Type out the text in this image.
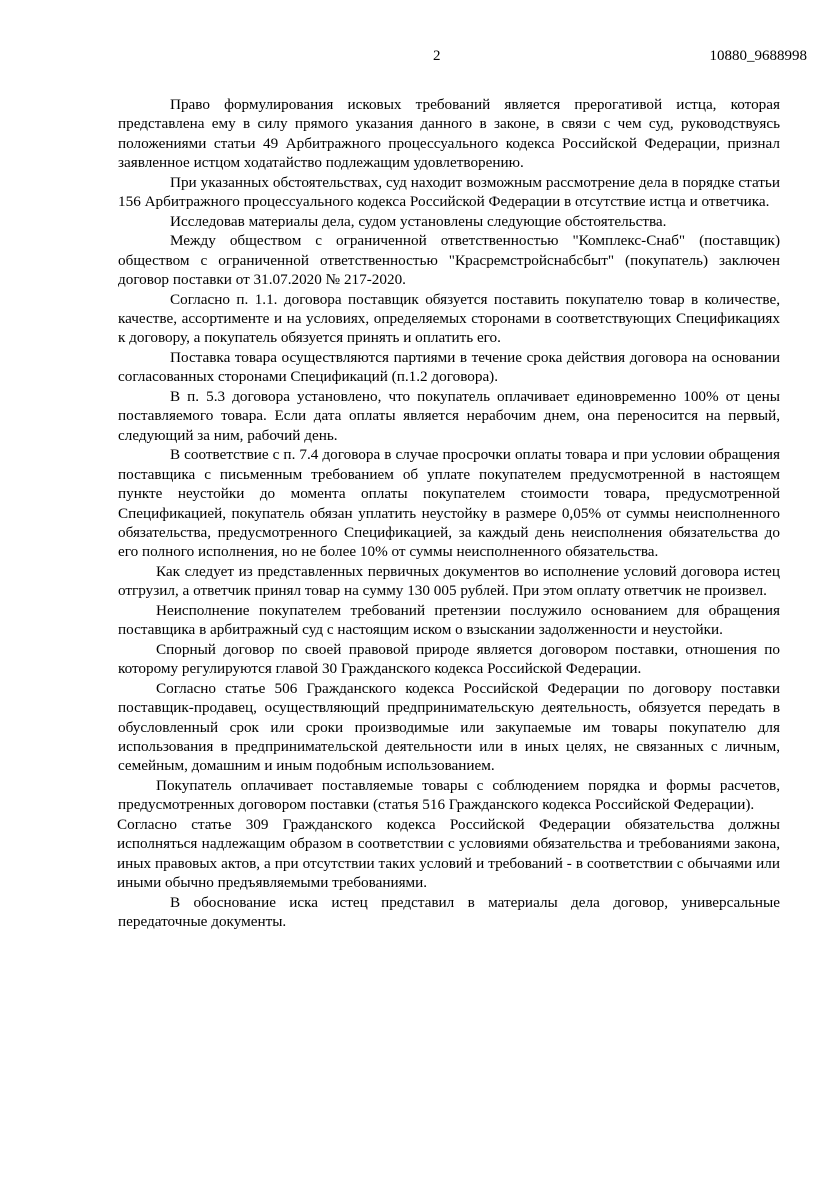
2	10880_9688998

Право формулирования исковых требований является прерогативой истца, которая представлена ему в силу прямого указания данного в законе, в связи с чем суд, руководствуясь положениями статьи 49 Арбитражного процессуального кодекса Российской Федерации, признал заявленное истцом ходатайство подлежащим удовлетворению.

При указанных обстоятельствах, суд находит возможным рассмотрение дела в порядке статьи 156 Арбитражного процессуального кодекса Российской Федерации в отсутствие истца и ответчика.

Исследовав материалы дела, судом установлены следующие обстоятельства.

Между обществом с ограниченной ответственностью "Комплекс-Снаб" (поставщик) обществом с ограниченной ответственностью "Красремстройснабсбыт" (покупатель) заключен договор поставки от 31.07.2020 № 217-2020.

Согласно п. 1.1. договора поставщик обязуется поставить покупателю товар в количестве, качестве, ассортименте и на условиях, определяемых сторонами в соответствующих Спецификациях к договору, а покупатель обязуется принять и оплатить его.

Поставка товара осуществляются партиями в течение срока действия договора на основании согласованных сторонами Спецификаций (п.1.2 договора).

В п. 5.3 договора установлено, что покупатель оплачивает единовременно 100% от цены поставляемого товара. Если дата оплаты является нерабочим днем, она переносится на первый, следующий за ним, рабочий день.

В соответствие с п. 7.4 договора в случае просрочки оплаты товара и при условии обращения поставщика с письменным требованием об уплате покупателем предусмотренной в настоящем пункте неустойки до момента оплаты покупателем стоимости товара, предусмотренной Спецификацией, покупатель обязан уплатить неустойку в размере 0,05% от суммы неисполненного обязательства, предусмотренного Спецификацией, за каждый день неисполнения обязательства до его полного исполнения, но не более 10% от суммы неисполненного обязательства.

Как следует из представленных первичных документов во исполнение условий договора истец отгрузил, а ответчик принял товар на сумму 130 005 рублей. При этом оплату ответчик не произвел.

Неисполнение покупателем требований претензии послужило основанием для обращения поставщика в арбитражный суд с настоящим иском о взыскании задолженности и неустойки.

Спорный договор по своей правовой природе является договором поставки, отношения по которому регулируются главой 30 Гражданского кодекса Российской Федерации.

Согласно статье 506 Гражданского кодекса Российской Федерации по договору поставки поставщик-продавец, осуществляющий предпринимательскую деятельность, обязуется передать в обусловленный срок или сроки производимые или закупаемые им товары покупателю для использования в предпринимательской деятельности или в иных целях, не связанных с личным, семейным, домашним и иным подобным использованием.

Покупатель оплачивает поставляемые товары с соблюдением порядка и формы расчетов, предусмотренных договором поставки (статья 516 Гражданского кодекса Российской Федерации).

Согласно статье 309 Гражданского кодекса Российской Федерации обязательства должны исполняться надлежащим образом в соответствии с условиями обязательства и требованиями закона, иных правовых актов, а при отсутствии таких условий и требований - в соответствии с обычаями или иными обычно предъявляемыми требованиями.

В обоснование иска истец представил в материалы дела договор, универсальные передаточные документы.
